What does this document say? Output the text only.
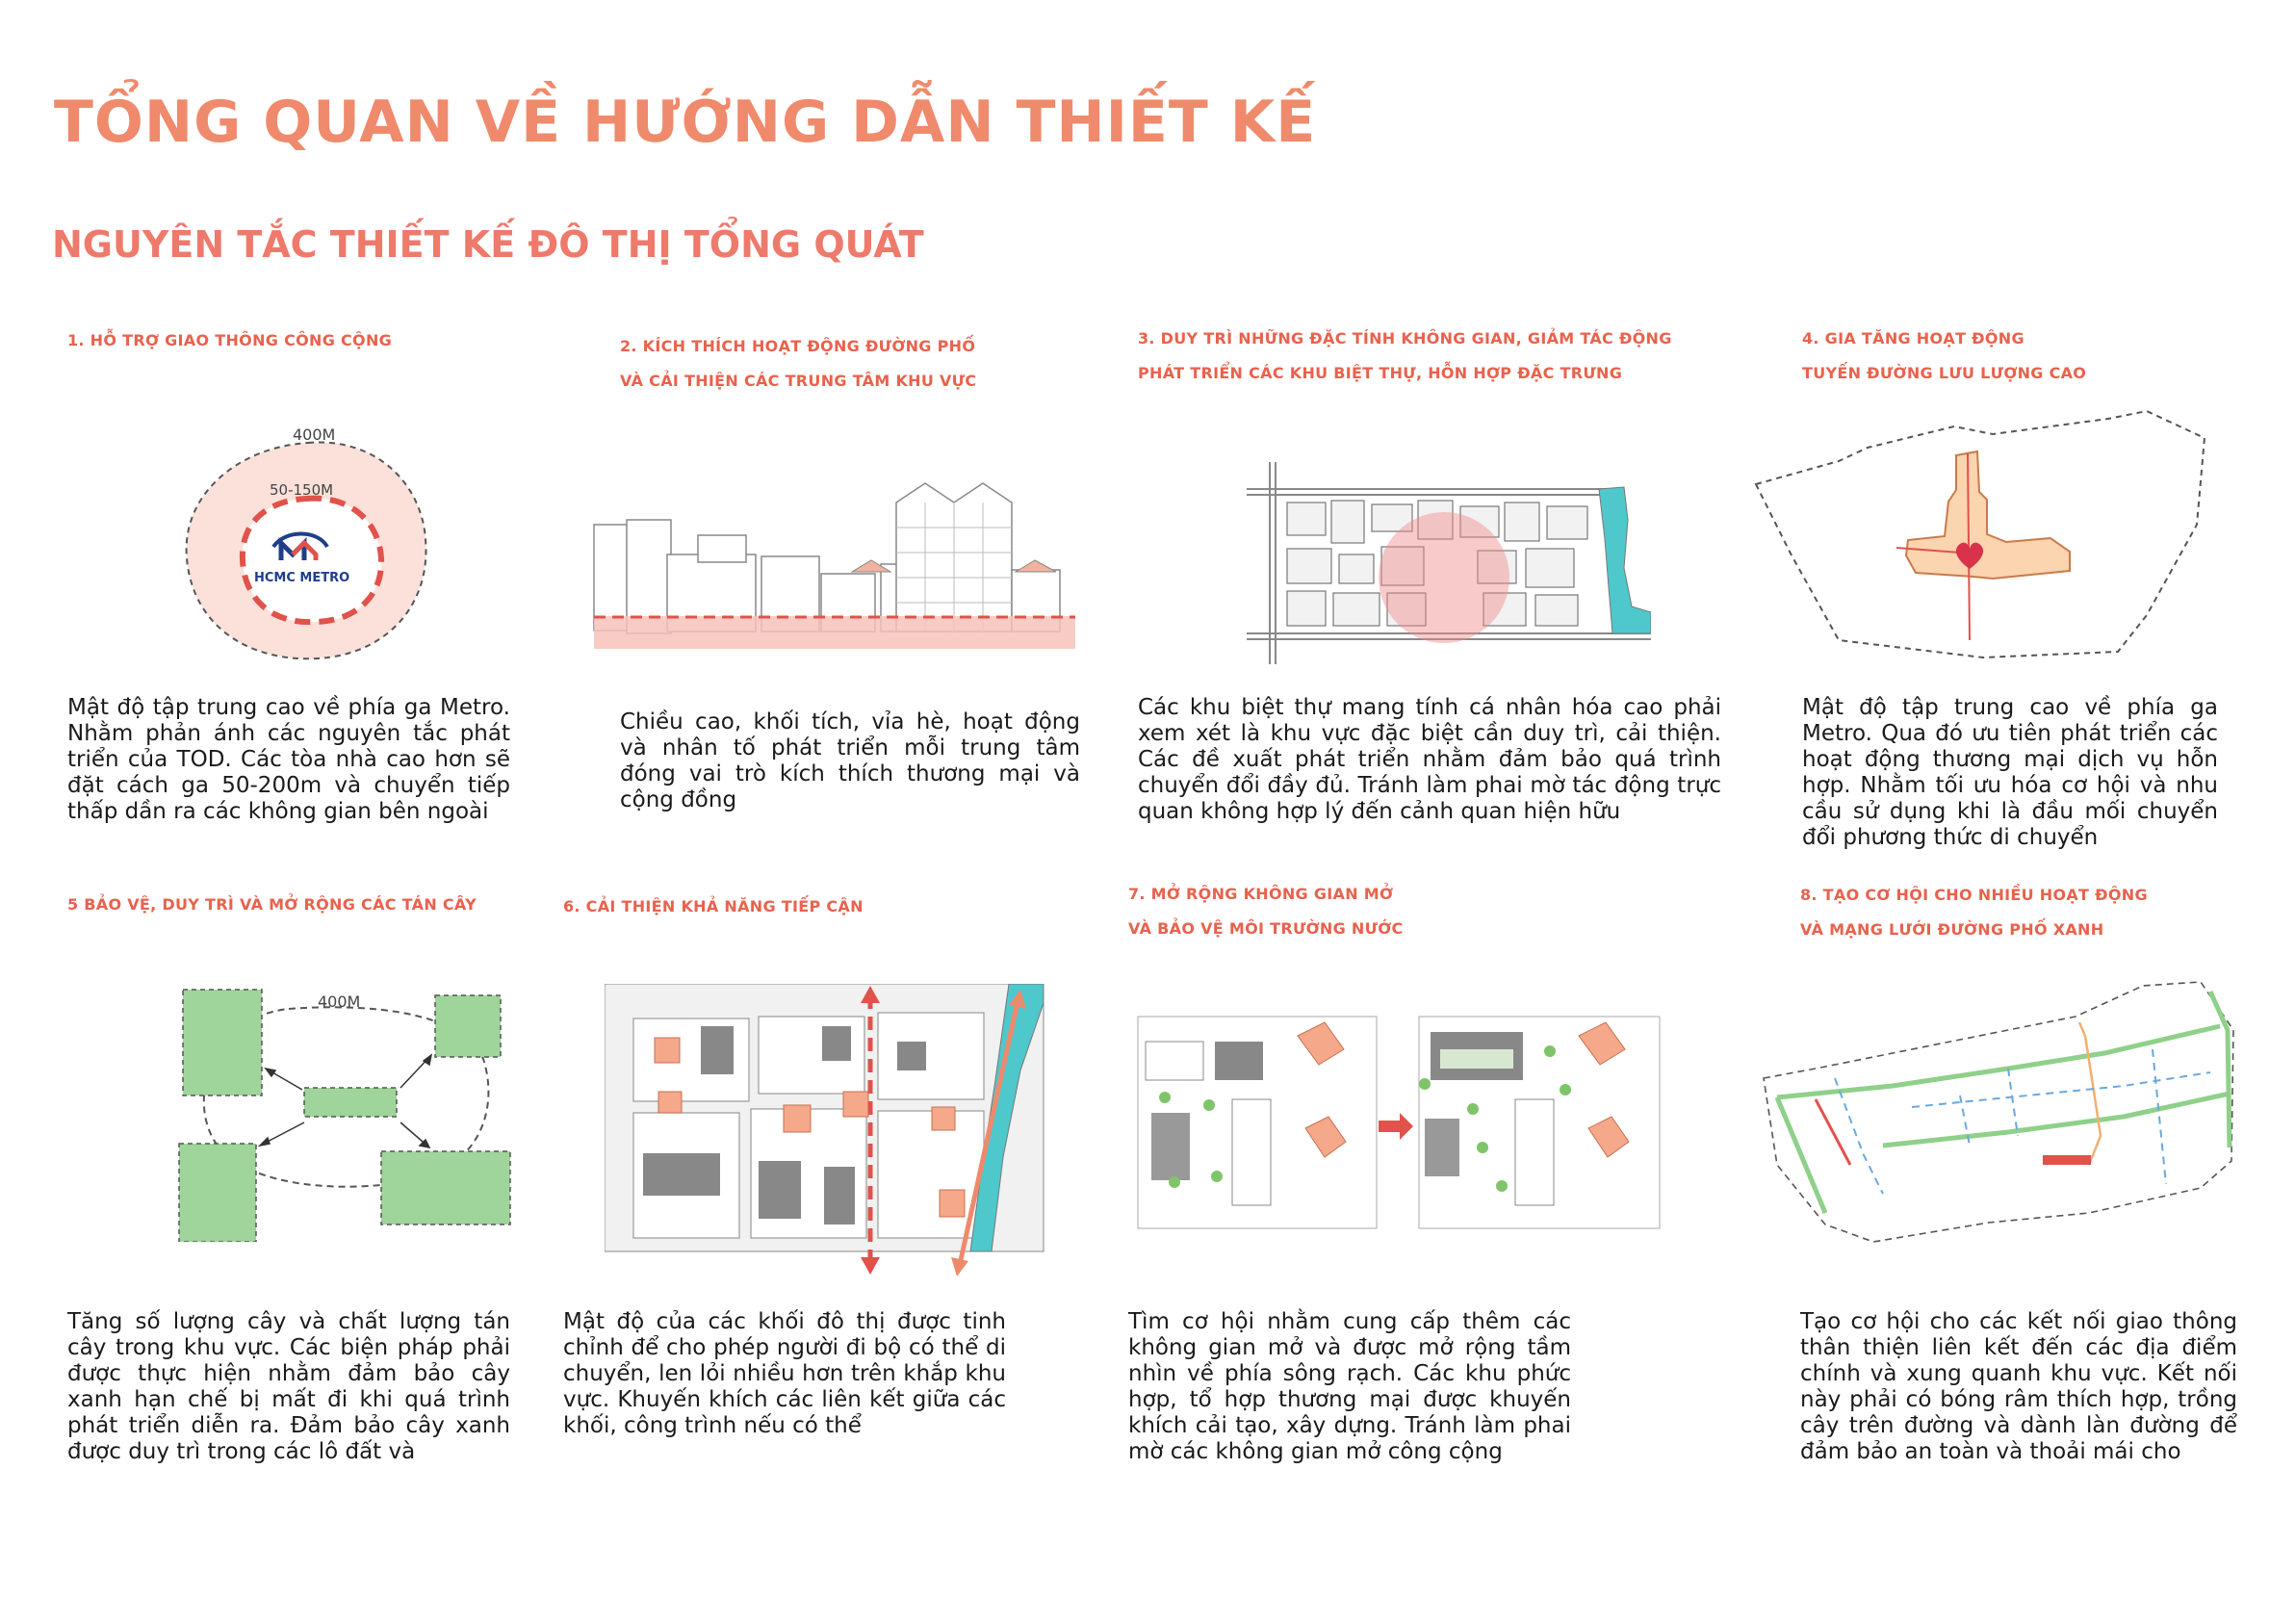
TỔNG QUAN VỀ HƯỚNG DẪN THIẾT KẾ
NGUYÊN TẮC THIẾT KẾ ĐÔ THỊ TỔNG QUÁT
1. HỖ TRỢ GIAO THÔNG CÔNG CỘNG
400M
50-150M
HCMC METRO
Mật độ tập trung cao về phía ga Metro. Nhằm phản ánh các nguyên tắc phát triển của TOD. Các tòa nhà cao hơn sẽ đặt cách ga 50-200m và chuyển tiếp thấp dần ra các không gian bên ngoài
2. KÍCH THÍCH HOẠT ĐỘNG ĐƯỜNG PHỐ
VÀ CẢI THIỆN CÁC TRUNG TÂM KHU VỰC
Chiều cao, khối tích, vỉa hè, hoạt động và nhân tố phát triển mỗi trung tâm đóng vai trò kích thích thương mại và cộng đồng
3. DUY TRÌ NHỮNG ĐẶC TÍNH KHÔNG GIAN, GIẢM TÁC ĐỘNG
PHÁT TRIỂN CÁC KHU BIỆT THỰ, HỖN HỢP ĐẶC TRƯNG
Các khu biệt thự mang tính cá nhân hóa cao phải xem xét là khu vực đặc biệt cần duy trì, cải thiện. Các đề xuất phát triển nhằm đảm bảo quá trình chuyển đổi đầy đủ. Tránh làm phai mờ tác động trực quan không hợp lý đến cảnh quan hiện hữu
4. GIA TĂNG HOẠT ĐỘNG
TUYẾN ĐƯỜNG LƯU LƯỢNG CAO
Mật độ tập trung cao về phía ga Metro. Qua đó ưu tiên phát triển các hoạt động thương mại dịch vụ hỗn hợp. Nhằm tối ưu hóa cơ hội và nhu cầu sử dụng khi là đầu mối chuyển đổi phương thức di chuyển
5 BẢO VỆ, DUY TRÌ VÀ MỞ RỘNG CÁC TÁN CÂY
400M
Tăng số lượng cây và chất lượng tán cây trong khu vực. Các biện pháp phải được thực hiện nhằm đảm bảo cây xanh hạn chế bị mất đi khi quá trình phát triển diễn ra. Đảm bảo cây xanh được duy trì trong các lô đất và
6. CẢI THIỆN KHẢ NĂNG TIẾP CẬN
Mật độ của các khối đô thị được tinh chỉnh để cho phép người đi bộ có thể di chuyển, len lỏi nhiều hơn trên khắp khu vực. Khuyến khích các liên kết giữa các khối, công trình nếu có thể
7. MỞ RỘNG KHÔNG GIAN MỞ
VÀ BẢO VỆ MÔI TRƯỜNG NƯỚC
Tìm cơ hội nhằm cung cấp thêm các không gian mở và được mở rộng tầm nhìn về phía sông rạch. Các khu phức hợp, tổ hợp thương mại được khuyến khích cải tạo, xây dựng. Tránh làm phai mờ các không gian mở công cộng
8. TẠO CƠ HỘI CHO NHIỀU HOẠT ĐỘNG
VÀ MẠNG LƯỚI ĐƯỜNG PHỐ XANH
Tạo cơ hội cho các kết nối giao thông thân thiện liên kết đến các địa điểm chính và xung quanh khu vực. Kết nối này phải có bóng râm thích hợp, trồng cây trên đường và dành làn đường để đảm bảo an toàn và thoải mái cho
